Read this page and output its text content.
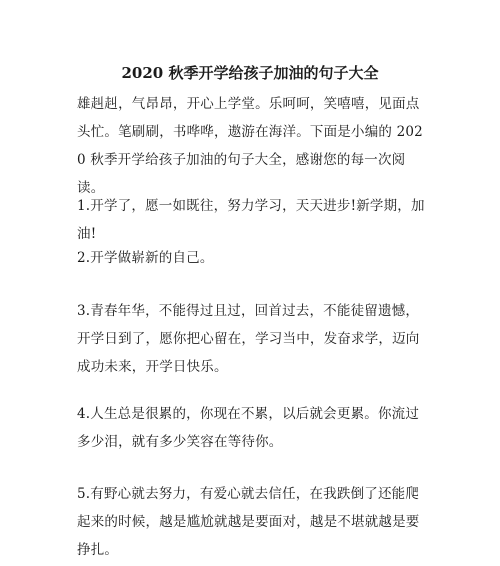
2020 秋季开学给孩子加油的句子大全
雄赳赳，气昂昂，开心上学堂。乐呵呵，笑嘻嘻，见面点头忙。笔刷刷，书哗哗，遨游在海洋。下面是小编的 2020 秋季开学给孩子加油的句子大全，感谢您的每一次阅读。
1.开学了，愿一如既往，努力学习，天天进步!新学期，加油!
2.开学做崭新的自己。
3.青春年华，不能得过且过，回首过去，不能徒留遗憾，开学日到了，愿你把心留在，学习当中，发奋求学，迈向成功未来，开学日快乐。
4.人生总是很累的，你现在不累，以后就会更累。你流过多少泪，就有多少笑容在等待你。
5.有野心就去努力，有爱心就去信任，在我跌倒了还能爬起来的时候，越是尴尬就越是要面对，越是不堪就越是要挣扎。
